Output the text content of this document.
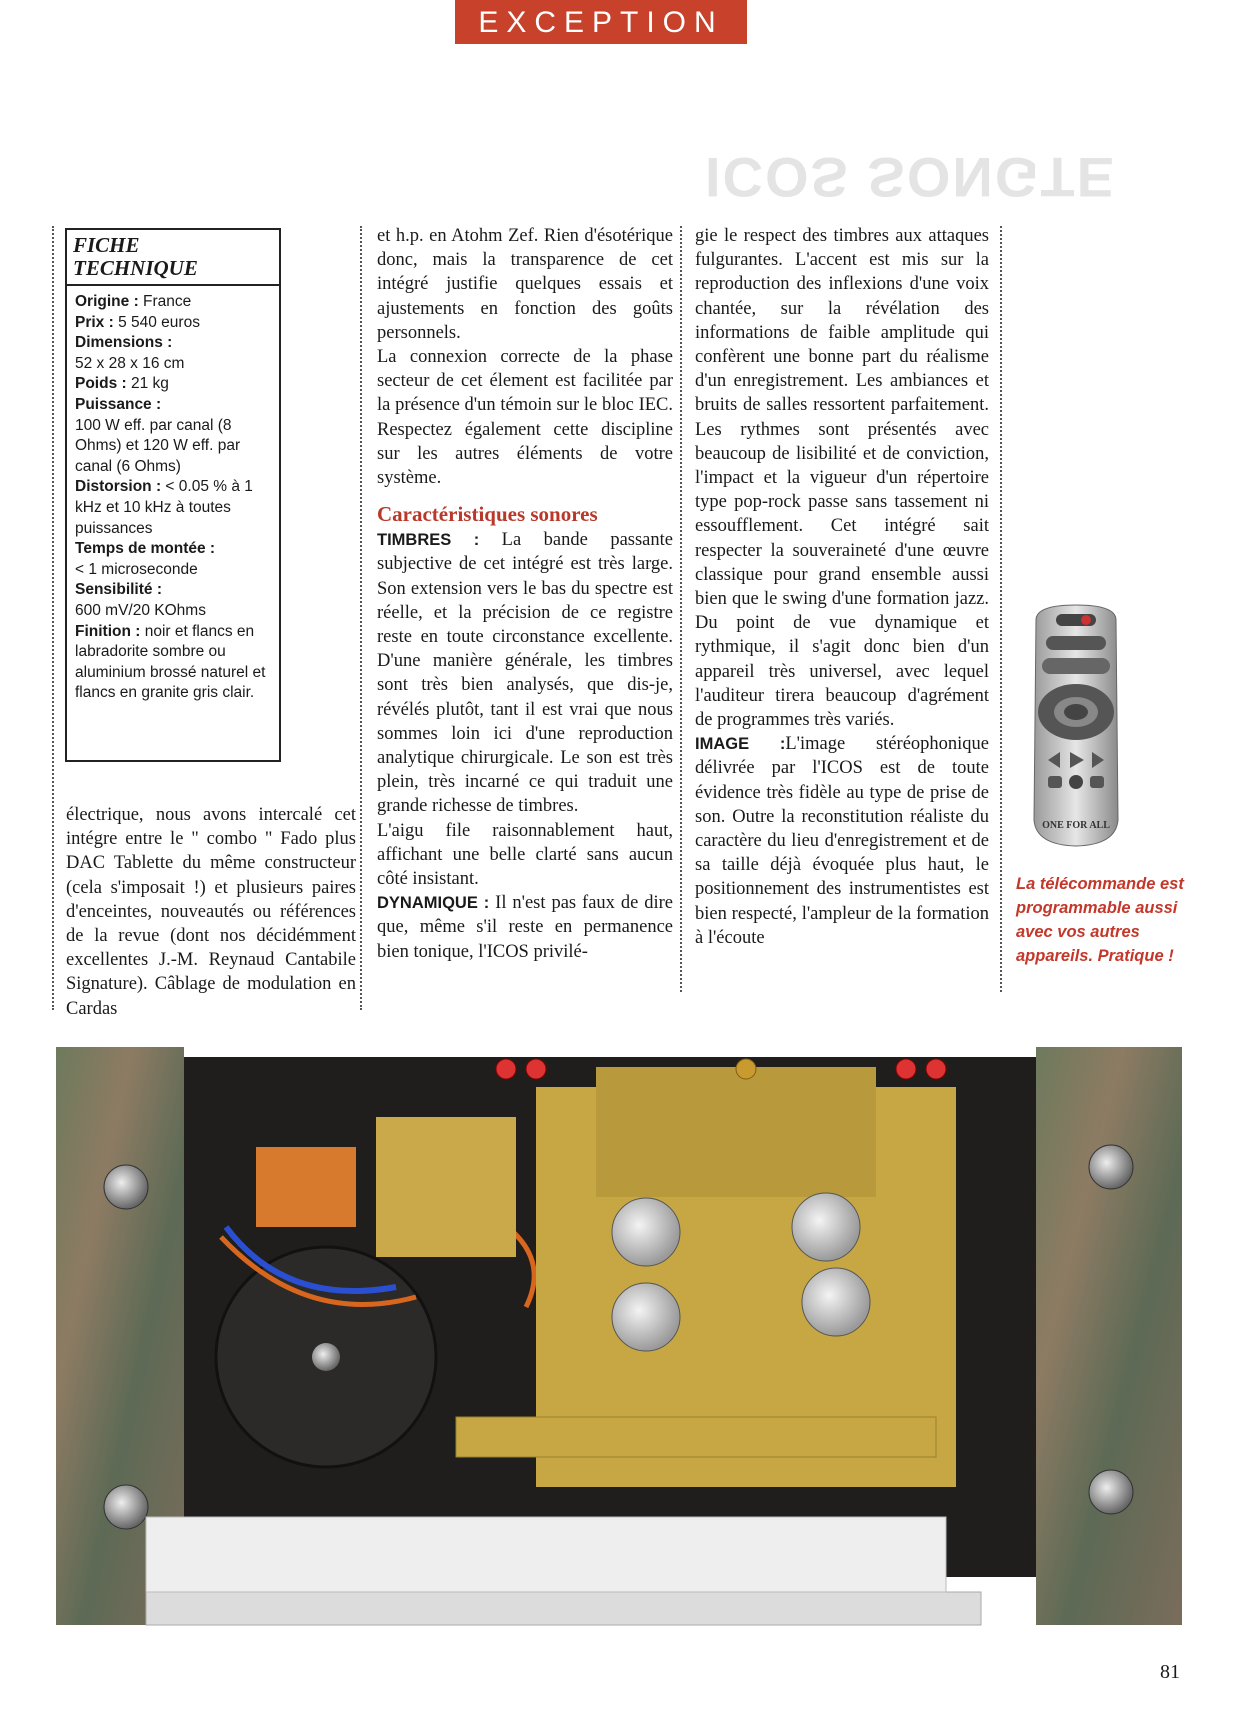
EXCEPTION
ICOS SONGTE
FICHE
TECHNIQUE
Origine : France
Prix : 5 540 euros
Dimensions :
52 x 28 x 16 cm
Poids : 21 kg
Puissance :
100 W eff. par canal (8 Ohms) et 120 W eff. par canal (6 Ohms)
Distorsion : < 0.05 % à 1 kHz et 10 kHz à toutes puissances
Temps de montée :
< 1 microseconde
Sensibilité :
600 mV/20 KOhms
Finition : noir et flancs en labradorite sombre ou aluminium brossé naturel et flancs en granite gris clair.

électrique, nous avons intercalé cet intégre entre le " combo " Fado plus DAC Tablette du même constructeur (cela s'imposait !) et plusieurs paires d'enceintes, nouveautés ou références de la revue (dont nos décidémment excellentes J.-M. Reynaud Cantabile Signature). Câblage de modulation en Cardas

et h.p. en Atohm Zef. Rien d'ésotérique donc, mais la transparence de cet intégré justifie quelques essais et ajustements en fonction des goûts personnels.

La connexion correcte de la phase secteur de cet élement est facilitée par la présence d'un témoin sur le bloc IEC. Respectez également cette discipline sur les autres éléments de votre système.

Caractéristiques sonores

TIMBRES : La bande passante subjective de cet intégré est très large. Son extension vers le bas du spectre est réelle, et la précision de ce registre reste en toute circonstance excellente. D'une manière générale, les timbres sont très bien analysés, que dis-je, révélés plutôt, tant il est vrai que nous sommes loin ici d'une reproduction analytique chirurgicale. Le son est très plein, très incarné ce qui traduit une grande richesse de timbres.

L'aigu file raisonnablement haut, affichant une belle clarté sans aucun côté insistant.

DYNAMIQUE : Il n'est pas faux de dire que, même s'il reste en permanence bien tonique, l'ICOS privilé-

gie le respect des timbres aux attaques fulgurantes. L'accent est mis sur la reproduction des inflexions d'une voix chantée, sur la révélation des informations de faible amplitude qui confèrent une bonne part du réalisme d'un enregistrement. Les ambiances et bruits de salles ressortent parfaitement. Les rythmes sont présentés avec beaucoup de lisibilité et de conviction, l'impact et la vigueur d'un répertoire type pop-rock passe sans tassement ni essoufflement. Cet intégré sait respecter la souveraineté d'une œuvre classique pour grand ensemble aussi bien que le swing d'une formation jazz. Du point de vue dynamique et rythmique, il s'agit donc bien d'un appareil très universel, avec lequel l'auditeur tirera beaucoup d'agrément de programmes très variés.

IMAGE :L'image stéréophonique délivrée par l'ICOS est de toute évidence très fidèle au type de prise de son. Outre la reconstitution réaliste du caractère du lieu d'enregistrement et de sa taille déjà évoquée plus haut, le positionnement des instrumentistes est bien respecté, l'ampleur de la formation à l'écoute

ONE FOR ALL
La télécommande est programmable aussi avec vos autres appareils. Pratique !
81
